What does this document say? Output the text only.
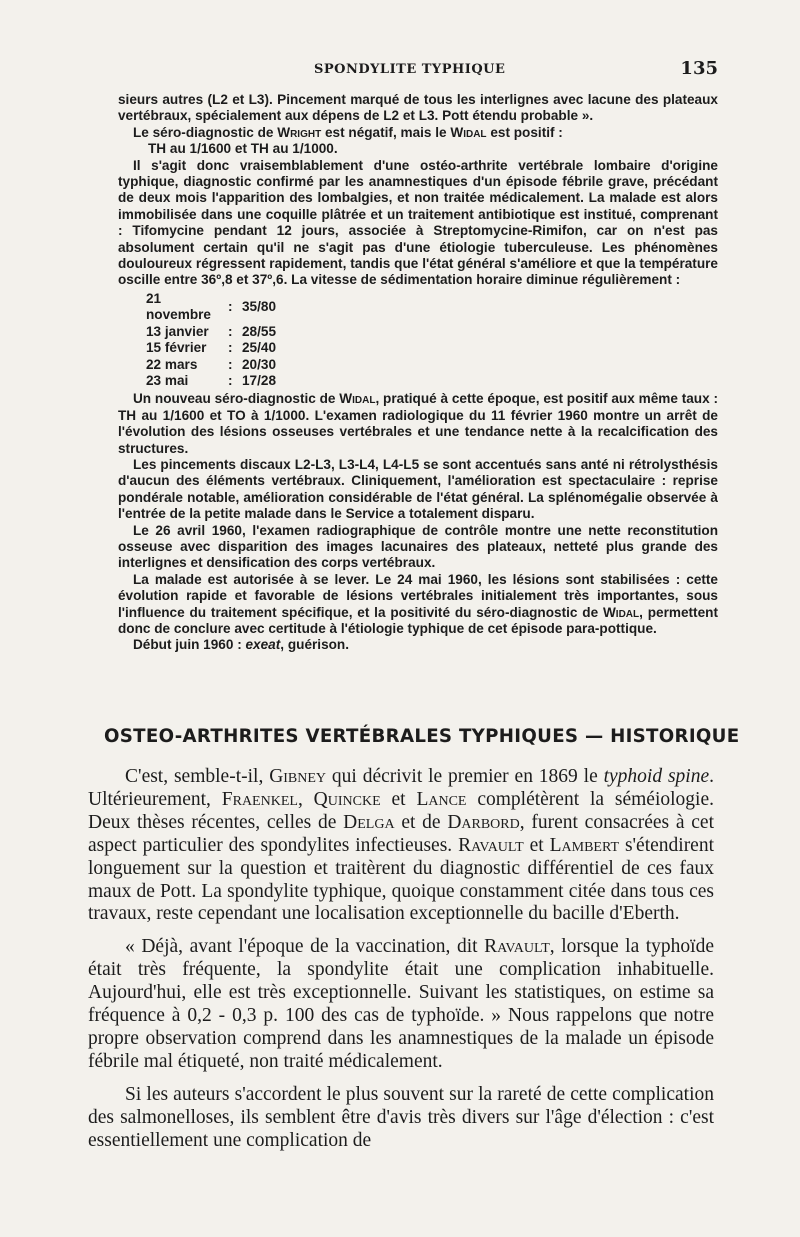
SPONDYLITE TYPHIQUE	135

sieurs autres (L2 et L3). Pincement marqué de tous les interlignes avec lacune des plateaux vertébraux, spécialement aux dépens de L2 et L3. Pott étendu probable ».

Le séro-diagnostic de Wright est négatif, mais le Widal est positif :

TH au 1/1600 et TH au 1/1000.

Il s'agit donc vraisemblablement d'une ostéo-arthrite vertébrale lombaire d'origine typhique, diagnostic confirmé par les anamnestiques d'un épisode fébrile grave, précédant de deux mois l'apparition des lombalgies, et non traitée médicalement. La malade est alors immobilisée dans une coquille plâtrée et un traitement antibiotique est institué, comprenant : Tifomycine pendant 12 jours, associée à Streptomycine-Rimifon, car on n'est pas absolument certain qu'il ne s'agit pas d'une étiologie tuberculeuse. Les phénomènes douloureux régressent rapidement, tandis que l'état général s'améliore et que la température oscille entre 36º,8 et 37º,6. La vitesse de sédimentation horaire diminue régulièrement :

21 novembre	:	35/80
13 janvier	:	28/55
15 février	:	25/40
22 mars	:	20/30
23 mai	:	17/28

Un nouveau séro-diagnostic de Widal, pratiqué à cette époque, est positif aux même taux : TH au 1/1600 et TO à 1/1000. L'examen radiologique du 11 février 1960 montre un arrêt de l'évolution des lésions osseuses vertébrales et une tendance nette à la recalcification des structures.

Les pincements discaux L2-L3, L3-L4, L4-L5 se sont accentués sans anté ni rétrolysthésis d'aucun des éléments vertébraux. Cliniquement, l'amélioration est spectaculaire : reprise pondérale notable, amélioration considérable de l'état général. La splénomégalie observée à l'entrée de la petite malade dans le Service a totalement disparu.

Le 26 avril 1960, l'examen radiographique de contrôle montre une nette reconstitution osseuse avec disparition des images lacunaires des plateaux, netteté plus grande des interlignes et densification des corps vertébraux.

La malade est autorisée à se lever. Le 24 mai 1960, les lésions sont stabilisées : cette évolution rapide et favorable de lésions vertébrales initialement très importantes, sous l'influence du traitement spécifique, et la positivité du séro-diagnostic de Widal, permettent donc de conclure avec certitude à l'étiologie typhique de cet épisode para-pottique.

Début juin 1960 : exeat, guérison.

OSTEO-ARTHRITES VERTÉBRALES TYPHIQUES — HISTORIQUE

C'est, semble-t-il, Gibney qui décrivit le premier en 1869 le typhoid spine. Ultérieurement, Fraenkel, Quincke et Lance complétèrent la séméiologie. Deux thèses récentes, celles de Delga et de Darbord, furent consacrées à cet aspect particulier des spondylites infectieuses. Ravault et Lambert s'étendirent longuement sur la question et traitèrent du diagnostic différentiel de ces faux maux de Pott. La spondylite typhique, quoique constamment citée dans tous ces travaux, reste cependant une localisation exceptionnelle du bacille d'Eberth.

« Déjà, avant l'époque de la vaccination, dit Ravault, lorsque la typhoïde était très fréquente, la spondylite était une complication inhabituelle. Aujourd'hui, elle est très exceptionnelle. Suivant les statistiques, on estime sa fréquence à 0,2 - 0,3 p. 100 des cas de typhoïde. » Nous rappelons que notre propre observation comprend dans les anamnestiques de la malade un épisode fébrile mal étiqueté, non traité médicalement.

Si les auteurs s'accordent le plus souvent sur la rareté de cette complication des salmonelloses, ils semblent être d'avis très divers sur l'âge d'élection : c'est essentiellement une complication de
